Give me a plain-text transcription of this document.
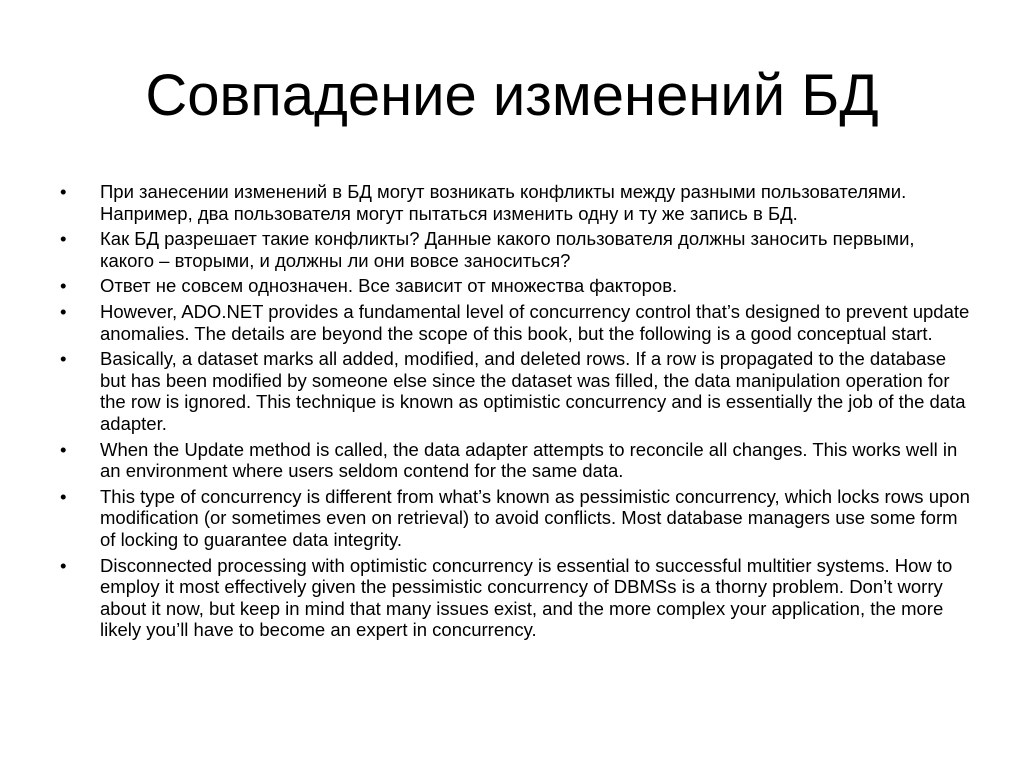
Совпадение изменений БД
•	При занесении изменений в БД могут возникать конфликты между разными пользователями. Например, два пользователя могут пытаться изменить одну и ту же запись в БД.
•	Как БД разрешает такие конфликты? Данные какого пользователя должны заносить первыми, какого – вторыми, и должны ли они вовсе заноситься?
•	Ответ не совсем однозначен. Все зависит от множества факторов.
•	However, ADO.NET provides a fundamental level of concurrency control that’s designed to prevent update anomalies. The details are beyond the scope of this book, but the following is a good conceptual start.
•	Basically, a dataset marks all added, modified, and deleted rows. If a row is propagated to the database but has been modified by someone else since the dataset was filled, the data manipulation operation for the row is ignored. This technique is known as optimistic concurrency and is essentially the job of the data adapter.
•	When the Update method is called, the data adapter attempts to reconcile all changes. This works well in an environment where users seldom contend for the same data.
•	This type of concurrency is different from what’s known as pessimistic concurrency, which locks rows upon modification (or sometimes even on retrieval) to avoid conflicts. Most database managers use some form of locking to guarantee data integrity.
•	Disconnected processing with optimistic concurrency is essential to successful multitier systems. How to employ it most effectively given the pessimistic concurrency of DBMSs is a thorny problem. Don’t worry about it now, but keep in mind that many issues exist, and the more complex your application, the more likely you’ll have to become an expert in concurrency.
